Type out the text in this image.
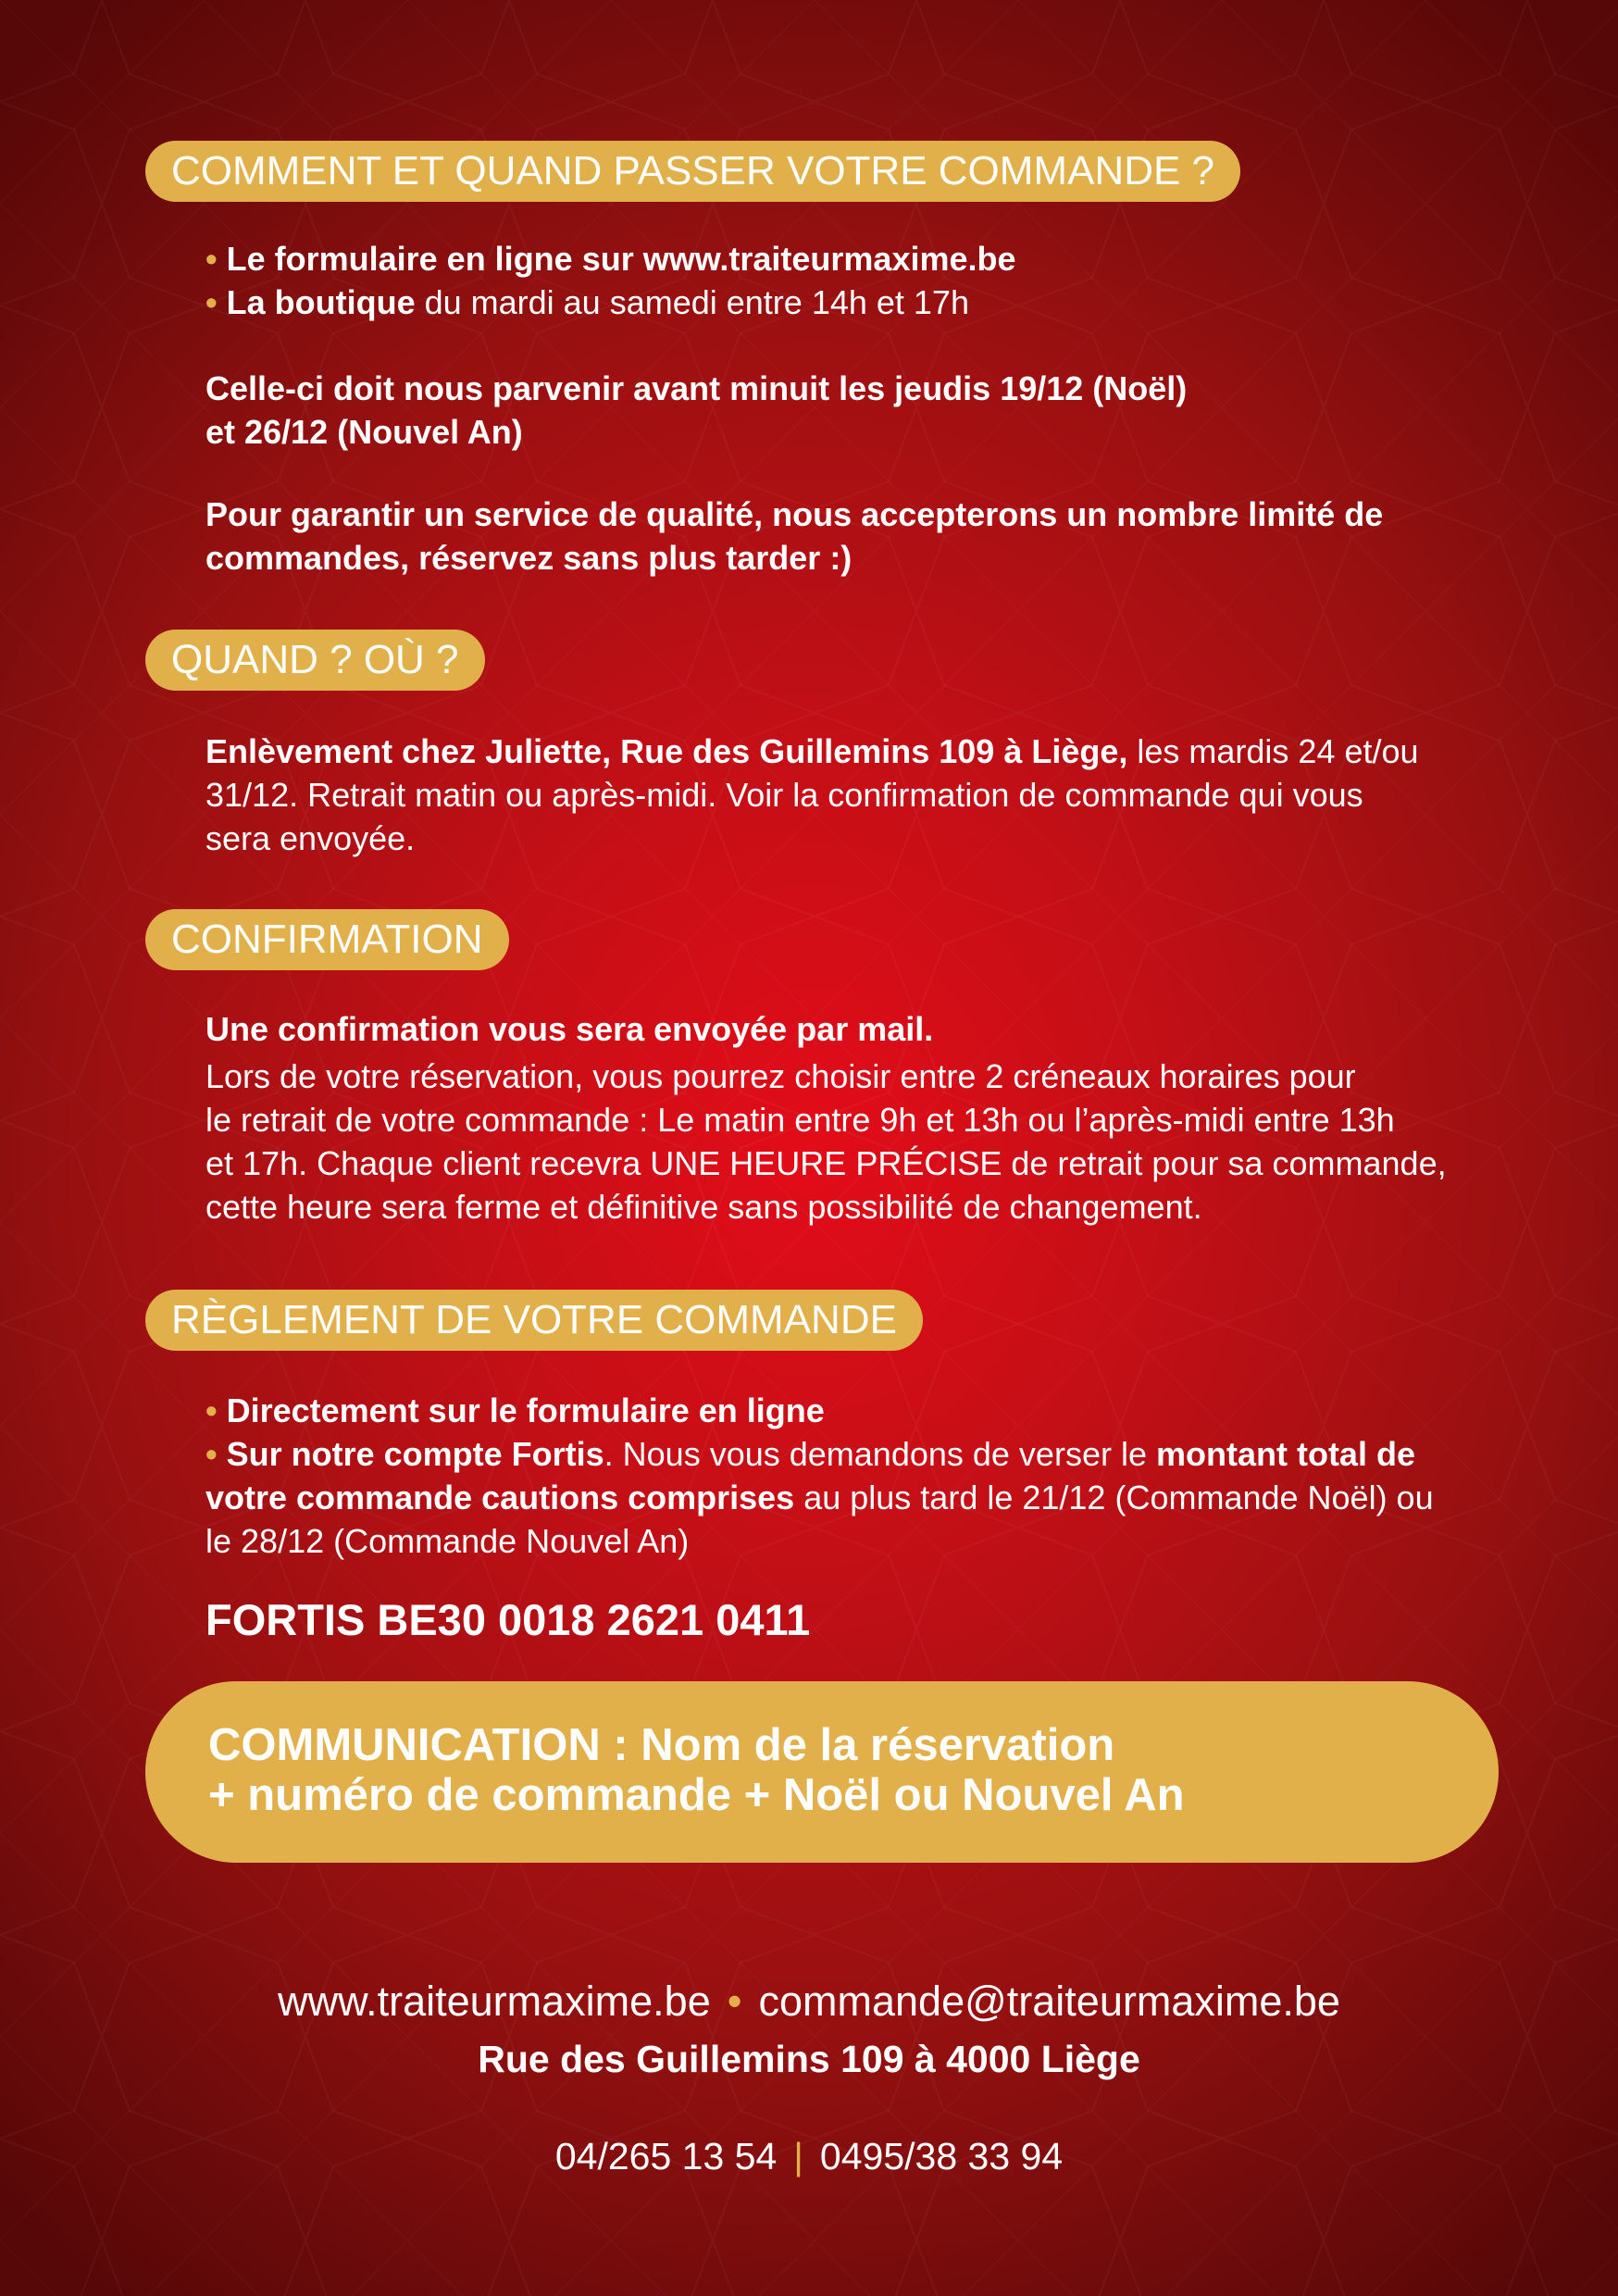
COMMENT ET QUAND PASSER VOTRE COMMANDE ?
• Le formulaire en ligne sur www.traiteurmaxime.be
• La boutique du mardi au samedi entre 14h et 17h
Celle-ci doit nous parvenir avant minuit les jeudis 19/12 (Noël)
et 26/12 (Nouvel An)
Pour garantir un service de qualité, nous accepterons un nombre limité de
commandes, réservez sans plus tarder :)
QUAND ? OÙ ?
Enlèvement chez Juliette, Rue des Guillemins 109 à Liège, les mardis 24 et/ou
31/12. Retrait matin ou après-midi. Voir la confirmation de commande qui vous
sera envoyée.
CONFIRMATION
Une confirmation vous sera envoyée par mail.
Lors de votre réservation, vous pourrez choisir entre 2 créneaux horaires pour
le retrait de votre commande : Le matin entre 9h et 13h ou l’après-midi entre 13h
et 17h. Chaque client recevra UNE HEURE PRÉCISE de retrait pour sa commande,
cette heure sera ferme et définitive sans possibilité de changement.
RÈGLEMENT DE VOTRE COMMANDE
• Directement sur le formulaire en ligne
• Sur notre compte Fortis. Nous vous demandons de verser le montant total de
votre commande cautions comprises au plus tard le 21/12 (Commande Noël) ou
le 28/12 (Commande Nouvel An)
FORTIS BE30 0018 2621 0411
COMMUNICATION : Nom de la réservation
+ numéro de commande + Noël ou Nouvel An
www.traiteurmaxime.be • commande@traiteurmaxime.be
Rue des Guillemins 109 à 4000 Liège
04/265 13 54 | 0495/38 33 94
